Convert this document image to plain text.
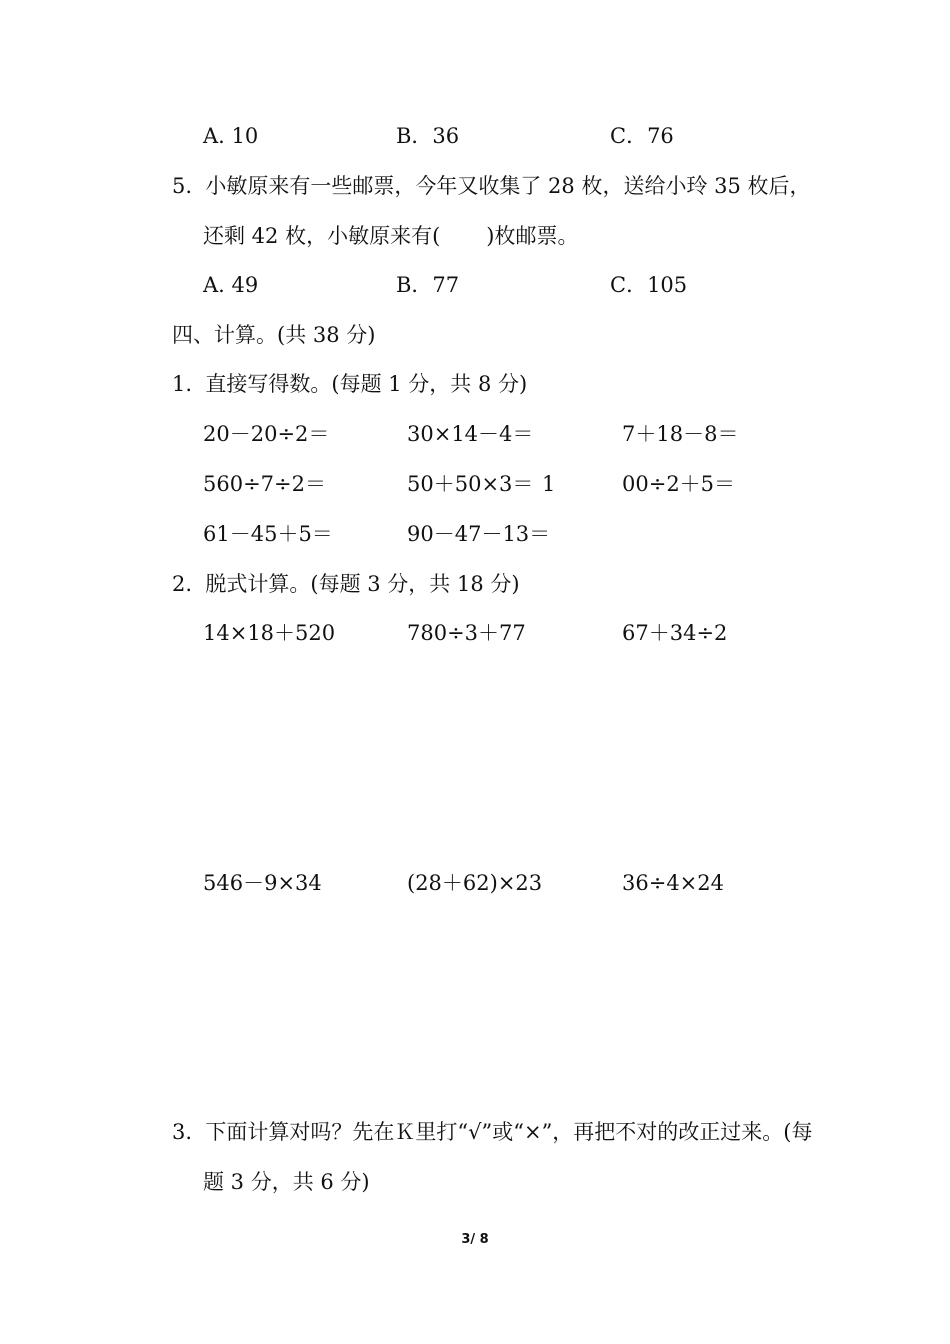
A. 10	B．36	C．76
5.  小敏原来有一些邮票，今年又收集了 28 枚，送给小玲 35 枚后，
还剩 42 枚，小敏原来有( )枚邮票。
A. 49	B．77	C．105
四、计算。(共 38 分)
1.  直接写得数。(每题 1 分，共 8 分)
20－20÷2＝	30×14－4＝	7＋18－8＝
560÷7÷2＝	50＋50×3＝ 1	00÷2＋5＝
61－45＋5＝	90－47－13＝
2.  脱式计算。(每题 3 分，共 18 分)
14×18＋520	780÷3＋77	67＋34÷2
546－9×34	(28＋62)×23	36÷4×24
3.  下面计算对吗？先在Ｋ里打“√”或“×”，再把不对的改正过来。(每
题 3 分，共 6 分)
3/ 8
